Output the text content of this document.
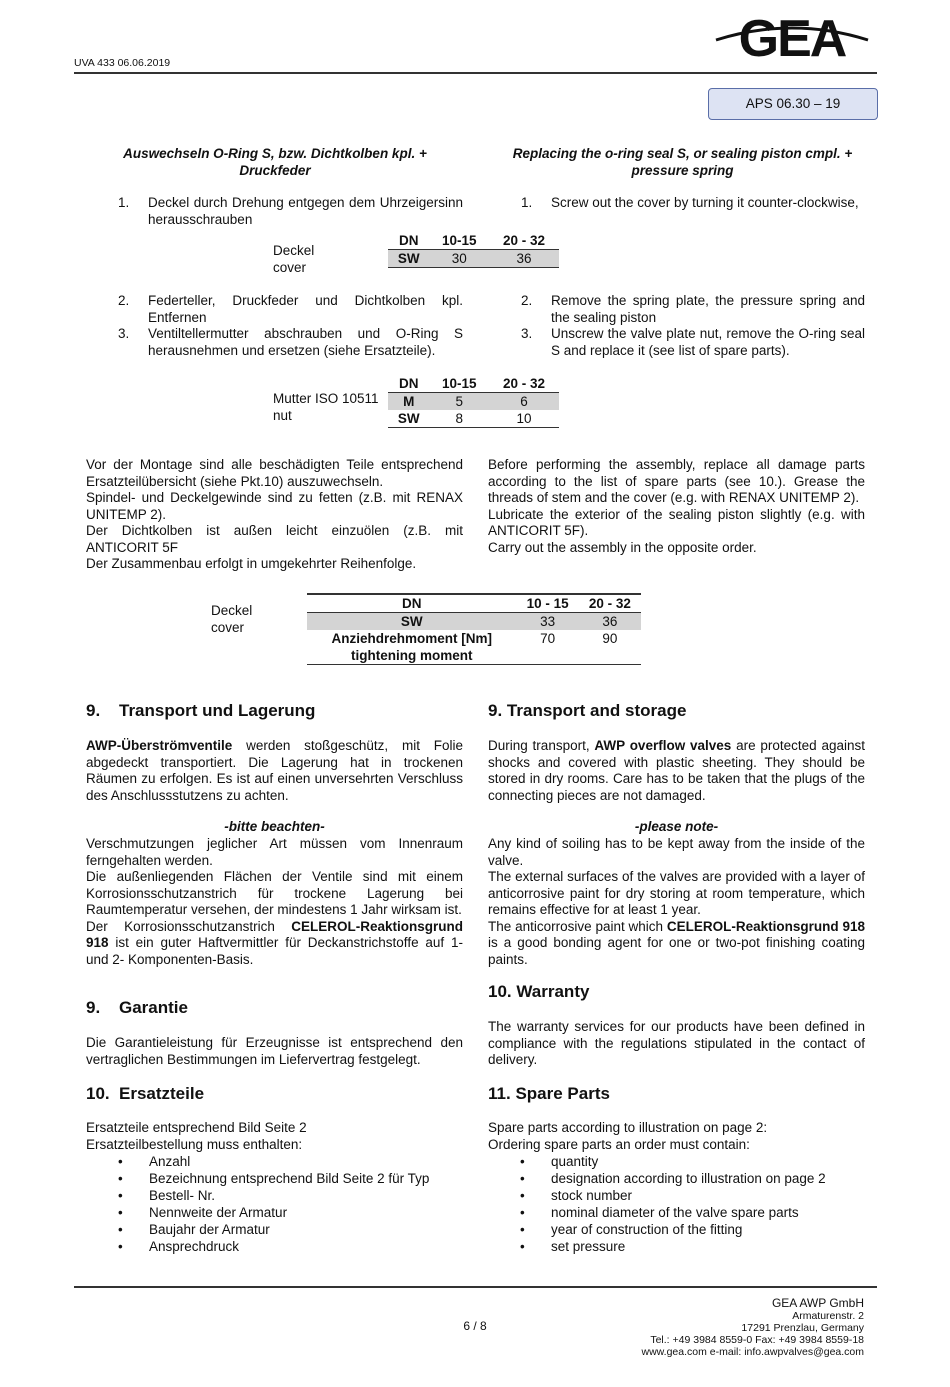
UVA 433 06.06.2019	GEA
APS 06.30 – 19
Auswechseln O-Ring S, bzw. Dichtkolben kpl. + Druckfeder
Replacing the o-ring seal S, or sealing piston cmpl. + pressure spring
1. Deckel durch Drehung entgegen dem Uhrzeigersinn herausschrauben
1. Screw out the cover by turning it counter-clockwise,
Deckel
cover
DN	10-15	20 - 32
SW	30	36
2. Federteller, Druckfeder und Dichtkolben kpl. Entfernen
3. Ventiltellermutter abschrauben und O-Ring S herausnehmen und ersetzen (siehe Ersatzteile).
2. Remove the spring plate, the pressure spring and the sealing piston
3. Unscrew the valve plate nut, remove the O-ring seal S and replace it (see list of spare parts).
Mutter ISO 10511
nut
DN	10-15	20 - 32
M	5	6
SW	8	10
Vor der Montage sind alle beschädigten Teile entsprechend Ersatzteilübersicht (siehe Pkt.10) auszuwechseln.
Spindel- und Deckelgewinde sind zu fetten (z.B. mit RENAX UNITEMP 2).
Der Dichtkolben ist außen leicht einzuölen (z.B. mit ANTICORIT 5F
Der Zusammenbau erfolgt in umgekehrter Reihenfolge.
Before performing the assembly, replace all damage parts according to the list of spare parts (see 10.). Grease the threads of stem and the cover (e.g. with RENAX UNITEMP 2).
Lubricate the exterior of the sealing piston slightly (e.g. with ANTICORIT 5F).
Carry out the assembly in the opposite order.
Deckel
cover
DN	10 - 15	20 - 32
SW	33	36

Anziehdrehmoment [Nm]
tightening moment	70	90
9. Transport und Lagerung	9. Transport and storage
AWP-Überströmventile werden stoßgeschütz, mit Folie abgedeckt transportiert. Die Lagerung hat in trockenen Räumen zu erfolgen. Es ist auf einen unversehrten Verschluss des Anschlussstutzens zu achten.
During transport, AWP overflow valves are protected against shocks and covered with plastic sheeting. They should be stored in dry rooms. Care has to be taken that the plugs of the connecting pieces are not damaged.
-bitte beachten-	-please note-
Verschmutzungen jeglicher Art müssen vom Innenraum ferngehalten werden.
Die außenliegenden Flächen der Ventile sind mit einem Korrosionsschutzanstrich für trockene Lagerung bei Raumtemperatur versehen, der mindestens 1 Jahr wirksam ist.
Der Korrosionsschutzanstrich CELEROL-Reaktionsgrund 918 ist ein guter Haftvermittler für Deckanstrichstoffe auf 1- und 2- Komponenten-Basis.
Any kind of soiling has to be kept away from the inside of the valve.
The external surfaces of the valves are provided with a layer of anticorrosive paint for dry storing at room temperature, which remains effective for at least 1 year.
The anticorrosive paint which CELEROL-Reaktionsgrund 918 is a good bonding agent for one or two-pot finishing coating paints.
9. Garantie
10. Warranty
Die Garantieleistung für Erzeugnisse ist entsprechend den vertraglichen Bestimmungen im Liefervertrag festgelegt.
The warranty services for our products have been defined in compliance with the regulations stipulated in the contact of delivery.
10. Ersatzteile	11. Spare Parts
Ersatzteile entsprechend Bild Seite 2
Ersatzteilbestellung muss enthalten:
• Anzahl
• Bezeichnung entsprechend Bild Seite 2 für Typ
• Bestell- Nr.
• Nennweite der Armatur
• Baujahr der Armatur
• Ansprechdruck
Spare parts according to illustration on page 2:
Ordering spare parts an order must contain:
• quantity
• designation according to illustration on page 2
• stock number
• nominal diameter of the valve spare parts
• year of construction of the fitting
• set pressure
6 / 8
GEA AWP GmbH
Armaturenstr. 2
17291 Prenzlau, Germany
Tel.: +49 3984 8559-0 Fax: +49 3984 8559-18
www.gea.com e-mail: info.awpvalves@gea.com
